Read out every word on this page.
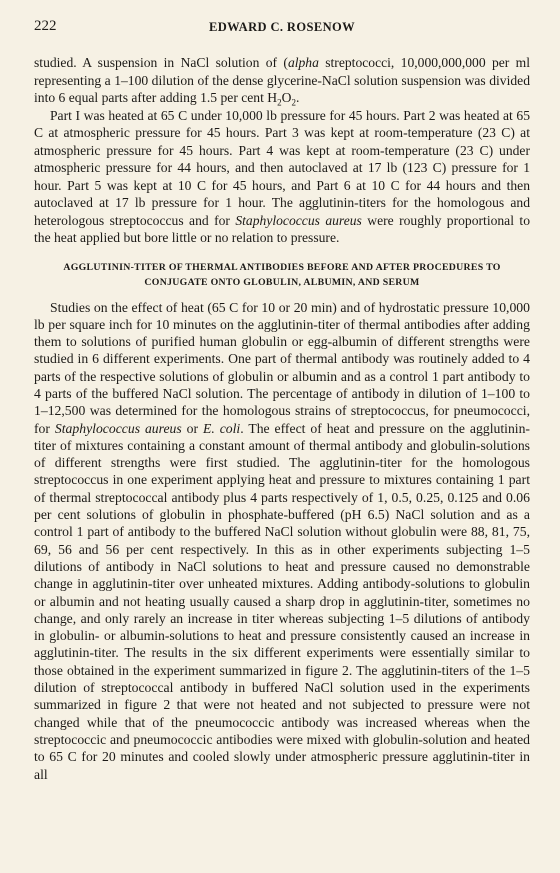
222	EDWARD C. ROSENOW

studied. A suspension in NaCl solution of (alpha streptococci, 10,000,000,000 per ml representing a 1–100 dilution of the dense glycerine-NaCl solution suspension was divided into 6 equal parts after adding 1.5 per cent $H_2O_2$.

Part I was heated at 65 C under 10,000 lb pressure for 45 hours. Part 2 was heated at 65 C at atmospheric pressure for 45 hours. Part 3 was kept at room-temperature (23 C) at atmospheric pressure for 45 hours. Part 4 was kept at room-temperature (23 C) under atmospheric pressure for 44 hours, and then autoclaved at 17 lb (123 C) pressure for 1 hour. Part 5 was kept at 10 C for 45 hours, and Part 6 at 10 C for 44 hours and then autoclaved at 17 lb pressure for 1 hour. The agglutinin-titers for the homologous and heterologous streptococcus and for Staphylococcus aureus were roughly proportional to the heat applied but bore little or no relation to pressure.

AGGLUTININ-TITER OF THERMAL ANTIBODIES BEFORE AND AFTER PROCEDURES TO
CONJUGATE ONTO GLOBULIN, ALBUMIN, AND SERUM

Studies on the effect of heat (65 C for 10 or 20 min) and of hydrostatic pressure 10,000 lb per square inch for 10 minutes on the agglutinin-titer of thermal antibodies after adding them to solutions of purified human globulin or egg-albumin of different strengths were studied in 6 different experiments. One part of thermal antibody was routinely added to 4 parts of the respective solutions of globulin or albumin and as a control 1 part antibody to 4 parts of the buffered NaCl solution. The percentage of antibody in dilution of 1–100 to 1–12,500 was determined for the homologous strains of streptococcus, for pneumococci, for Staphylococcus aureus or E. coli. The effect of heat and pressure on the agglutinin-titer of mixtures containing a constant amount of thermal antibody and globulin-solutions of different strengths were first studied. The agglutinin-titer for the homologous streptococcus in one experiment applying heat and pressure to mixtures containing 1 part of thermal streptococcal antibody plus 4 parts respectively of 1, 0.5, 0.25, 0.125 and 0.06 per cent solutions of globulin in phosphate-buffered (pH 6.5) NaCl solution and as a control 1 part of antibody to the buffered NaCl solution without globulin were 88, 81, 75, 69, 56 and 56 per cent respectively. In this as in other experiments subjecting 1–5 dilutions of antibody in NaCl solutions to heat and pressure caused no demonstrable change in agglutinin-titer over unheated mixtures. Adding antibody-solutions to globulin or albumin and not heating usually caused a sharp drop in agglutinin-titer, sometimes no change, and only rarely an increase in titer whereas subjecting 1–5 dilutions of antibody in globulin- or albumin-solutions to heat and pressure consistently caused an increase in agglutinin-titer. The results in the six different experiments were essentially similar to those obtained in the experiment summarized in figure 2. The agglutinin-titers of the 1–5 dilution of streptococcal antibody in buffered NaCl solution used in the experiments summarized in figure 2 that were not heated and not subjected to pressure were not changed while that of the pneumococcic antibody was increased whereas when the streptococcic and pneumococcic antibodies were mixed with globulin-solution and heated to 65 C for 20 minutes and cooled slowly under atmospheric pressure agglutinin-titer in all
